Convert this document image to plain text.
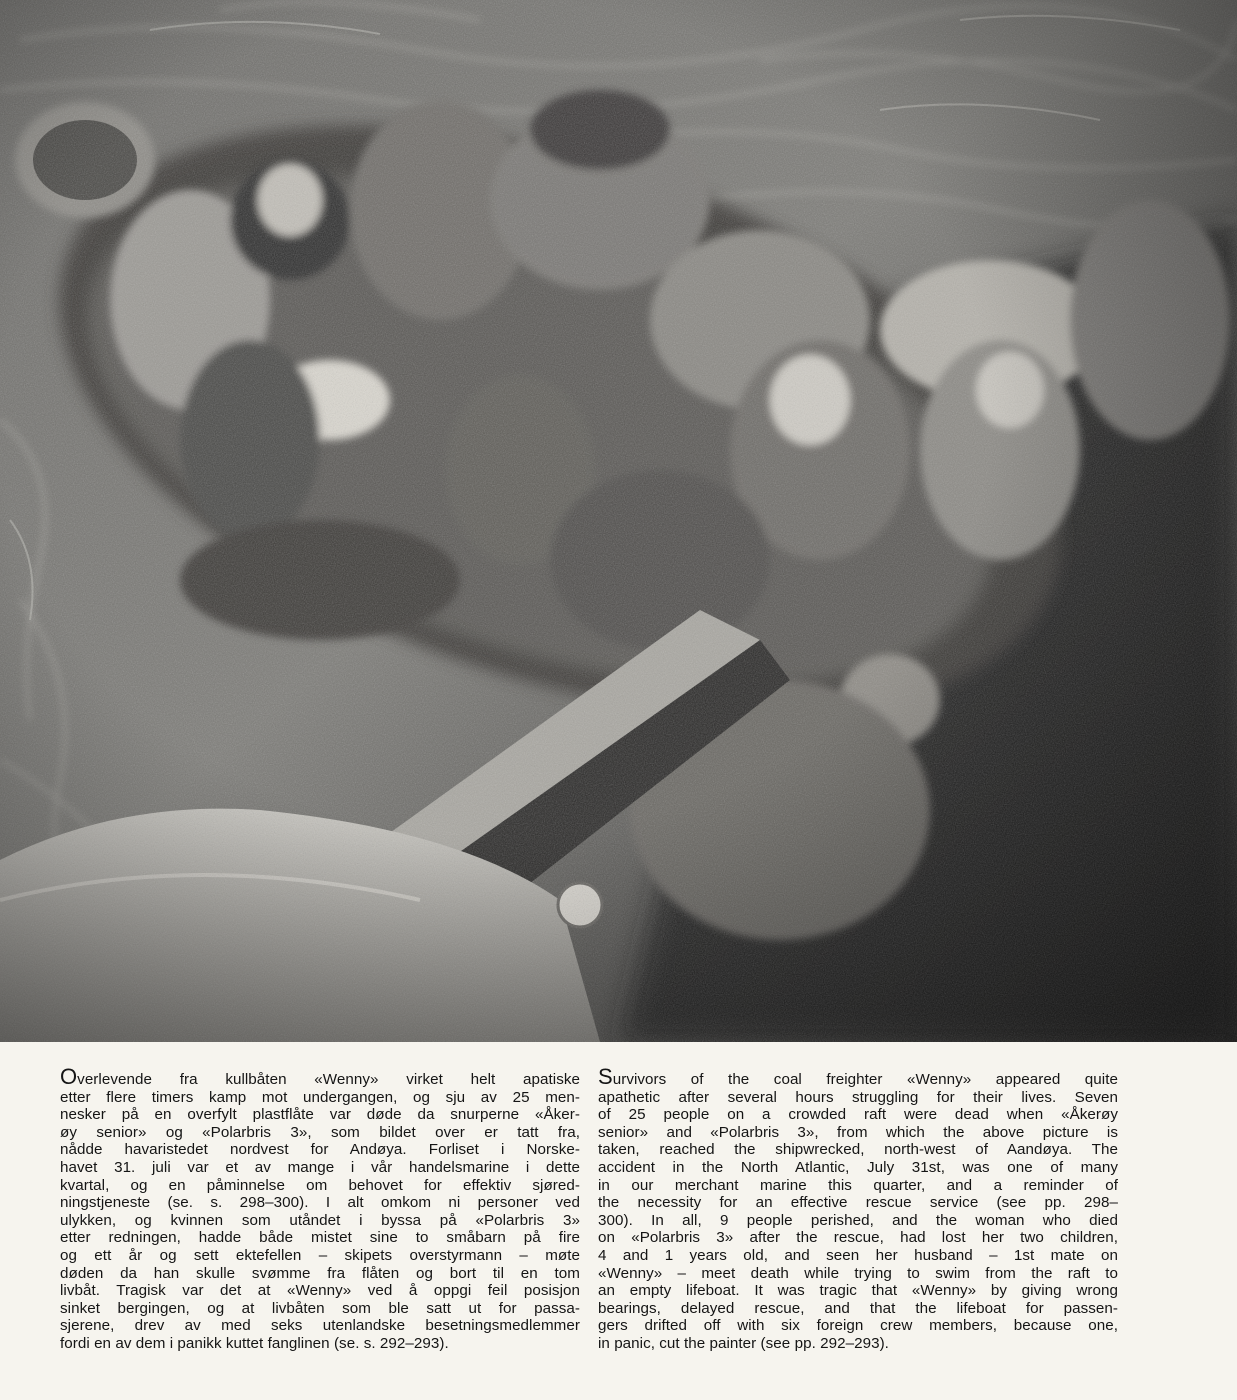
Overlevende fra kullbåten «Wenny» virket helt apatiske
etter flere timers kamp mot undergangen, og sju av 25 men-
nesker på en overfylt plastflåte var døde da snurperne «Åker-
øy senior» og «Polarbris 3», som bildet over er tatt fra,
nådde havaristedet nordvest for Andøya. Forliset i Norske-
havet 31. juli var et av mange i vår handelsmarine i dette
kvartal, og en påminnelse om behovet for effektiv sjøred-
ningstjeneste (se. s. 298–300). I alt omkom ni personer ved
ulykken, og kvinnen som utåndet i byssa på «Polarbris 3»
etter redningen, hadde både mistet sine to småbarn på fire
og ett år og sett ektefellen – skipets overstyrmann – møte
døden da han skulle svømme fra flåten og bort til en tom
livbåt. Tragisk var det at «Wenny» ved å oppgi feil posisjon
sinket bergingen, og at livbåten som ble satt ut for passa-
sjerene, drev av med seks utenlandske besetningsmedlemmer
fordi en av dem i panikk kuttet fanglinen (se. s. 292–293).
Survivors of the coal freighter «Wenny» appeared quite
apathetic after several hours struggling for their lives. Seven
of 25 people on a crowded raft were dead when «Åkerøy
senior» and «Polarbris 3», from which the above picture is
taken, reached the shipwrecked, north-west of Aandøya. The
accident in the North Atlantic, July 31st, was one of many
in our merchant marine this quarter, and a reminder of
the necessity for an effective rescue service (see pp. 298–
300). In all, 9 people perished, and the woman who died
on «Polarbris 3» after the rescue, had lost her two children,
4 and 1 years old, and seen her husband – 1st mate on
«Wenny» – meet death while trying to swim from the raft to
an empty lifeboat. It was tragic that «Wenny» by giving wrong
bearings, delayed rescue, and that the lifeboat for passen-
gers drifted off with six foreign crew members, because one,
in panic, cut the painter (see pp. 292–293).
